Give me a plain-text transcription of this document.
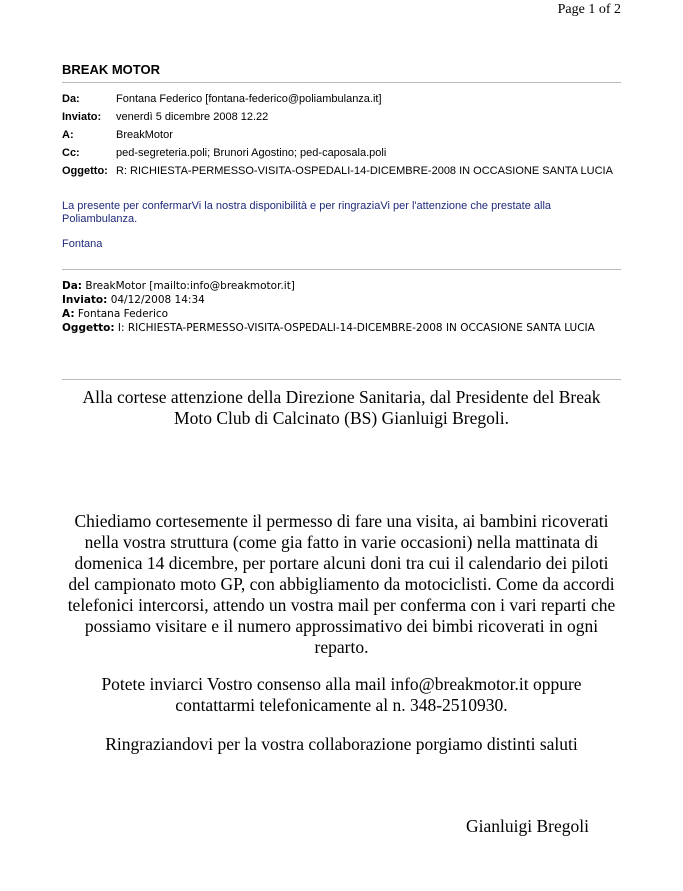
Page 1 of 2
BREAK MOTOR
Da:	Fontana Federico [fontana-federico@poliambulanza.it]
Inviato:	venerdì 5 dicembre 2008 12.22
A:	BreakMotor
Cc:	ped-segreteria.poli; Brunori Agostino; ped-caposala.poli
Oggetto: R: RICHIESTA-PERMESSO-VISITA-OSPEDALI-14-DICEMBRE-2008 IN OCCASIONE SANTA LUCIA
La presente per confermarVi la nostra disponibilità e per ringraziaVi per l'attenzione che prestate alla Poliambulanza.
Fontana
Da: BreakMotor [mailto:info@breakmotor.it]
Inviato: 04/12/2008 14:34
A: Fontana Federico
Oggetto: I: RICHIESTA-PERMESSO-VISITA-OSPEDALI-14-DICEMBRE-2008 IN OCCASIONE SANTA LUCIA
Alla cortese attenzione della Direzione Sanitaria, dal Presidente del Break Moto Club di Calcinato (BS) Gianluigi Bregoli.
Chiediamo cortesemente il permesso di fare una visita, ai bambini ricoverati nella vostra struttura (come gia fatto in varie occasioni) nella mattinata di domenica 14 dicembre, per portare alcuni doni tra cui il calendario dei piloti del campionato moto GP, con abbigliamento da motociclisti. Come da accordi telefonici intercorsi, attendo un vostra mail per conferma con i vari reparti che possiamo visitare e il numero approssimativo dei bimbi ricoverati in ogni reparto.
Potete inviarci Vostro consenso alla mail info@breakmotor.it oppure contattarmi telefonicamente al n. 348-2510930.
Ringraziandovi per la vostra collaborazione porgiamo distinti saluti
Gianluigi Bregoli
